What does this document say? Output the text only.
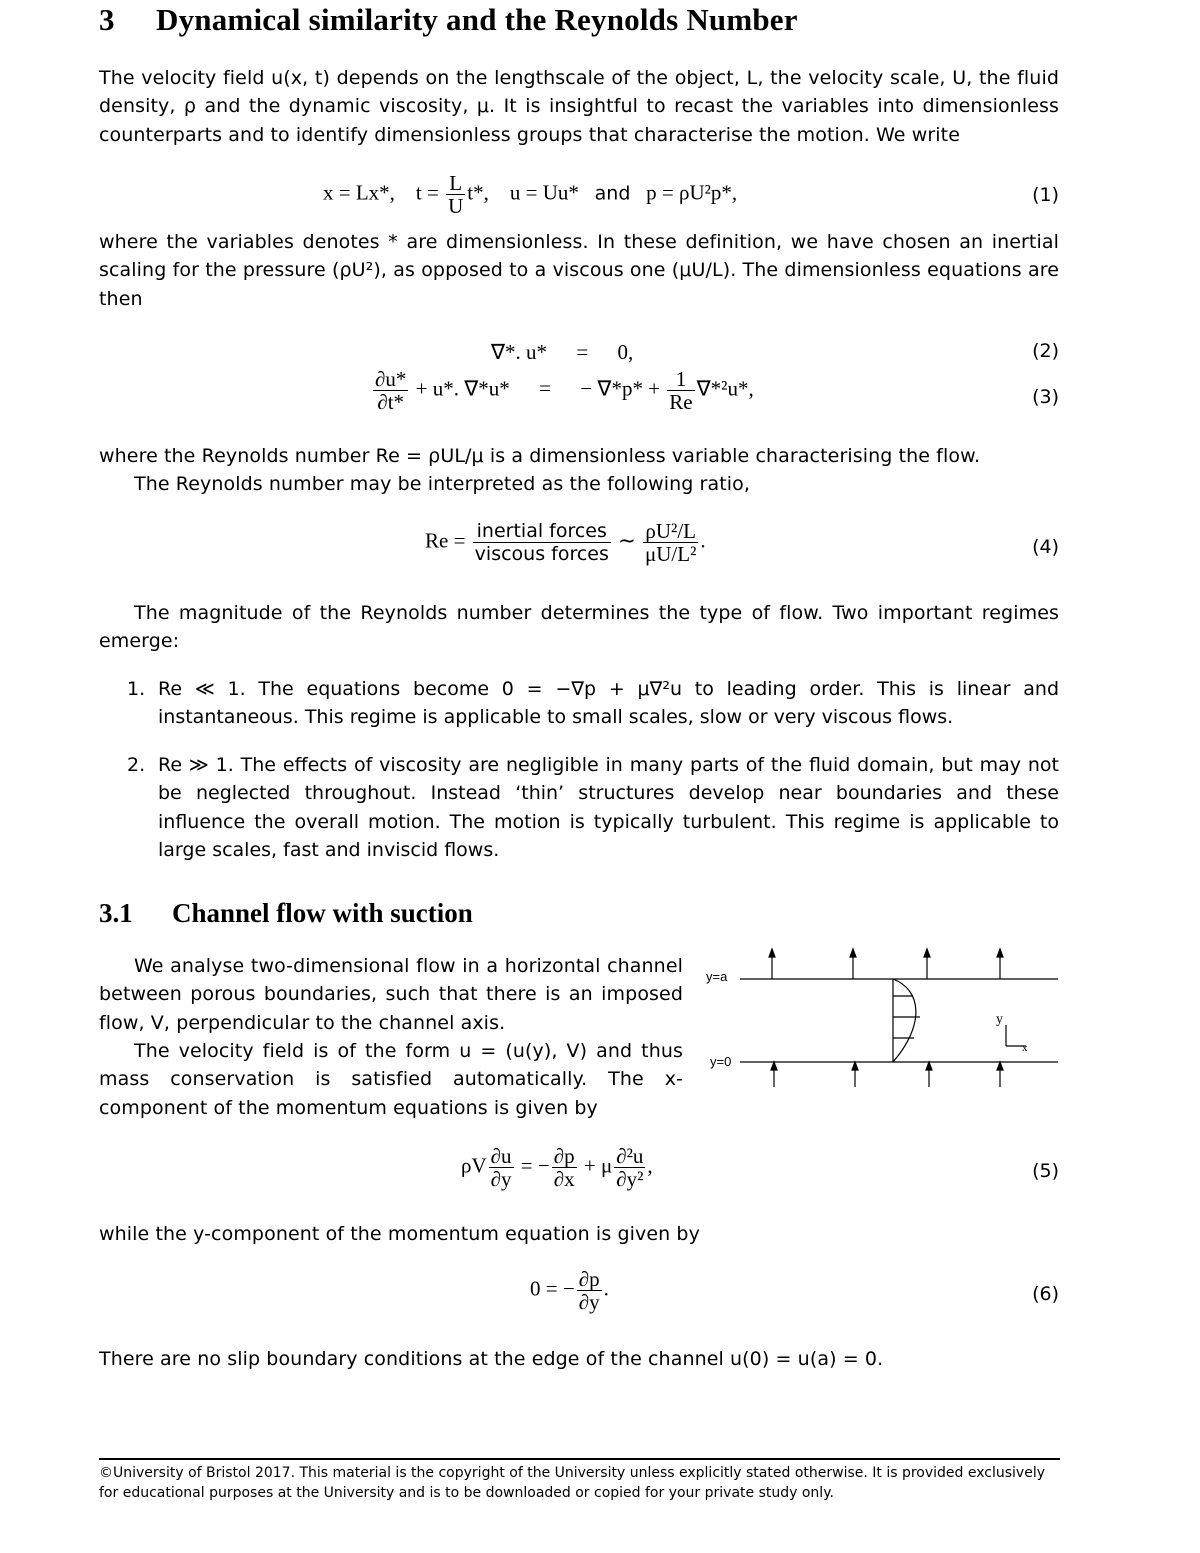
3 Dynamical similarity and the Reynolds Number
The velocity field u(x, t) depends on the lengthscale of the object, L, the velocity scale, U, the fluid density, ρ and the dynamic viscosity, μ. It is insightful to recast the variables into dimensionless counterparts and to identify dimensionless groups that characterise the motion. We write
x = Lx*, $t = \frac{L}{U} t*$, u = Uu* and p = ρU²p*,	(1)
where the variables denotes * are dimensionless. In these definition, we have chosen an inertial scaling for the pressure (ρU²), as opposed to a viscous one (μU/L). The dimensionless equations are then
∇*. u* = 0,	(2)
$\frac{\partial u*}{\partial t*} + u*$. ∇*u* = − $\nabla*p* + \frac{1}{Re} \nabla*^2u*$,	(3)
where the Reynolds number Re = ρUL/μ is a dimensionless variable characterising the flow.
The Reynolds number may be interpreted as the following ratio,
$Re = \frac{\text{inertial forces}}{\text{viscous forces}}$ ∼ $\frac{\text{ρU²/L}}{\text{μU/L²}}$ .	(4)
The magnitude of the Reynolds number determines the type of flow. Two important regimes emerge:
1. Re ≪ 1. The equations become 0 = −∇p + μ∇²u to leading order. This is linear and instantaneous. This regime is applicable to small scales, slow or very viscous flows.
2. Re ≫ 1. The effects of viscosity are negligible in many parts of the fluid domain, but may not be neglected throughout. Instead ‘thin’ structures develop near boundaries and these influence the overall motion. The motion is typically turbulent. This regime is applicable to large scales, fast and inviscid flows.
3.1 Channel flow with suction
We analyse two-dimensional flow in a horizontal channel between porous boundaries, such that there is an imposed flow, V, perpendicular to the channel axis.
The velocity field is of the form u = (u(y), V) and thus mass conservation is satisfied automatically. The x-component of the momentum equations is given by
y=a
y=0
y
x
ρV $\frac{\partial u}{\partial y}$ = − $\frac{\partial p}{\partial x} + \mu \frac{\text{∂²u}}{\text{∂y²}}$ ,	(5)
while the y-component of the momentum equation is given by
0 = − $\frac{\partial p}{\partial y}$ .	(6)
There are no slip boundary conditions at the edge of the channel u(0) = u(a) = 0.
©University of Bristol 2017. This material is the copyright of the University unless explicitly stated otherwise. It is provided exclusively for educational purposes at the University and is to be downloaded or copied for your private study only.
